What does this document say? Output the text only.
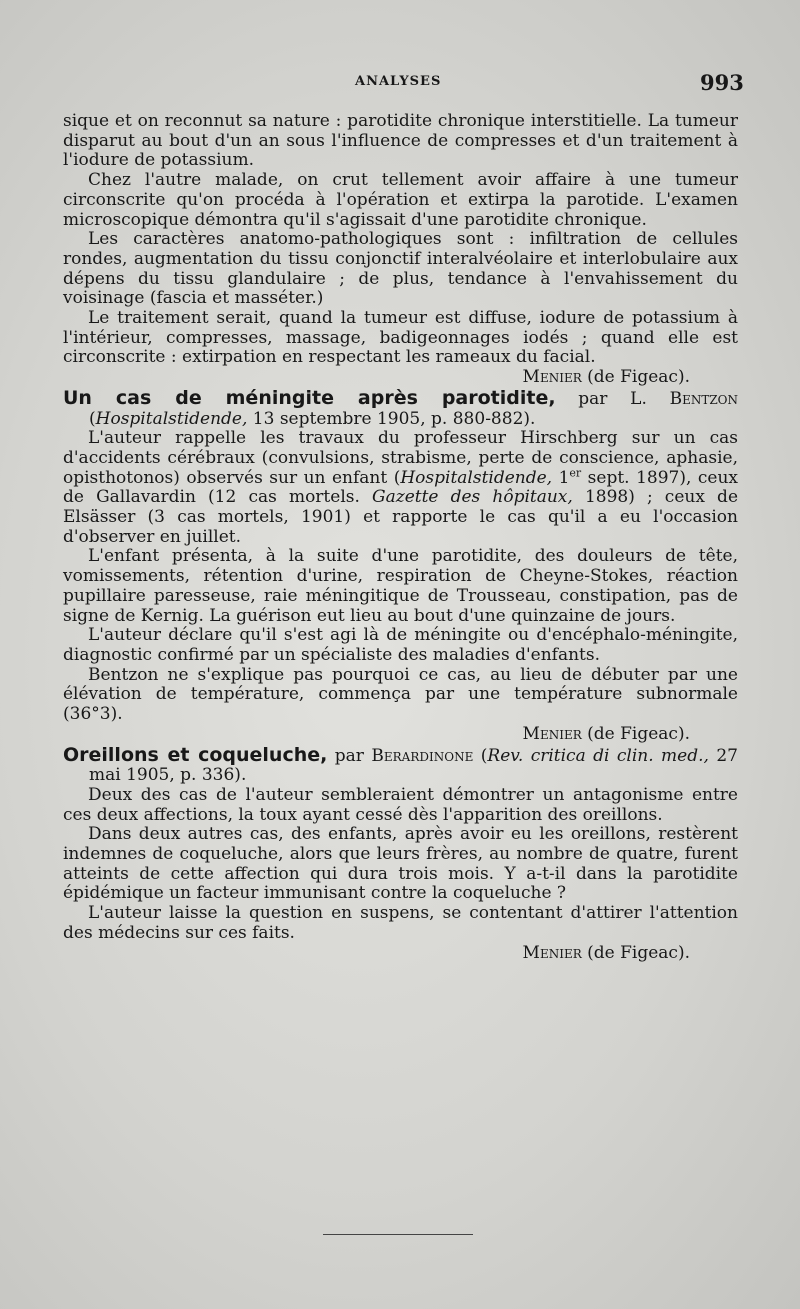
ANALYSES	993

sique et on reconnut sa nature : parotidite chronique interstitielle. La tumeur disparut au bout d'un an sous l'influence de compresses et d'un traitement à l'iodure de potassium.

Chez l'autre malade, on crut tellement avoir affaire à une tumeur circonscrite qu'on procéda à l'opération et extirpa la parotide. L'examen microscopique démontra qu'il s'agissait d'une parotidite chronique.

Les caractères anatomo-pathologiques sont : infiltration de cellules rondes, augmentation du tissu conjonctif interalvéolaire et interlobulaire aux dépens du tissu glandulaire ; de plus, tendance à l'envahissement du voisinage (fascia et masséter.)

Le traitement serait, quand la tumeur est diffuse, iodure de potassium à l'intérieur, compresses, massage, badigeonnages iodés ; quand elle est circonscrite : extirpation en respectant les rameaux du facial.

Menier (de Figeac).

Un cas de méningite après parotidite, par L. Bentzon (Hospitalstidende, 13 septembre 1905, p. 880-882).

L'auteur rappelle les travaux du professeur Hirschberg sur un cas d'accidents cérébraux (convulsions, strabisme, perte de conscience, aphasie, opisthotonos) observés sur un enfant (Hospitalstidende, 1er sept. 1897), ceux de Gallavardin (12 cas mortels. Gazette des hôpitaux, 1898) ; ceux de Elsässer (3 cas mortels, 1901) et rapporte le cas qu'il a eu l'occasion d'observer en juillet.

L'enfant présenta, à la suite d'une parotidite, des douleurs de tête, vomissements, rétention d'urine, respiration de Cheyne-Stokes, réaction pupillaire paresseuse, raie méningitique de Trousseau, constipation, pas de signe de Kernig. La guérison eut lieu au bout d'une quinzaine de jours.

L'auteur déclare qu'il s'est agi là de méningite ou d'encéphalo-méningite, diagnostic confirmé par un spécialiste des maladies d'enfants.

Bentzon ne s'explique pas pourquoi ce cas, au lieu de débuter par une élévation de température, commença par une température subnormale (36°3).

Menier (de Figeac).

Oreillons et coqueluche, par Berardinone (Rev. critica di clin. med., 27 mai 1905, p. 336).

Deux des cas de l'auteur sembleraient démontrer un antagonisme entre ces deux affections, la toux ayant cessé dès l'apparition des oreillons.

Dans deux autres cas, des enfants, après avoir eu les oreillons, restèrent indemnes de coqueluche, alors que leurs frères, au nombre de quatre, furent atteints de cette affection qui dura trois mois. Y a-t-il dans la parotidite épidémique un facteur immunisant contre la coqueluche ?

L'auteur laisse la question en suspens, se contentant d'attirer l'attention des médecins sur ces faits.

Menier (de Figeac).
